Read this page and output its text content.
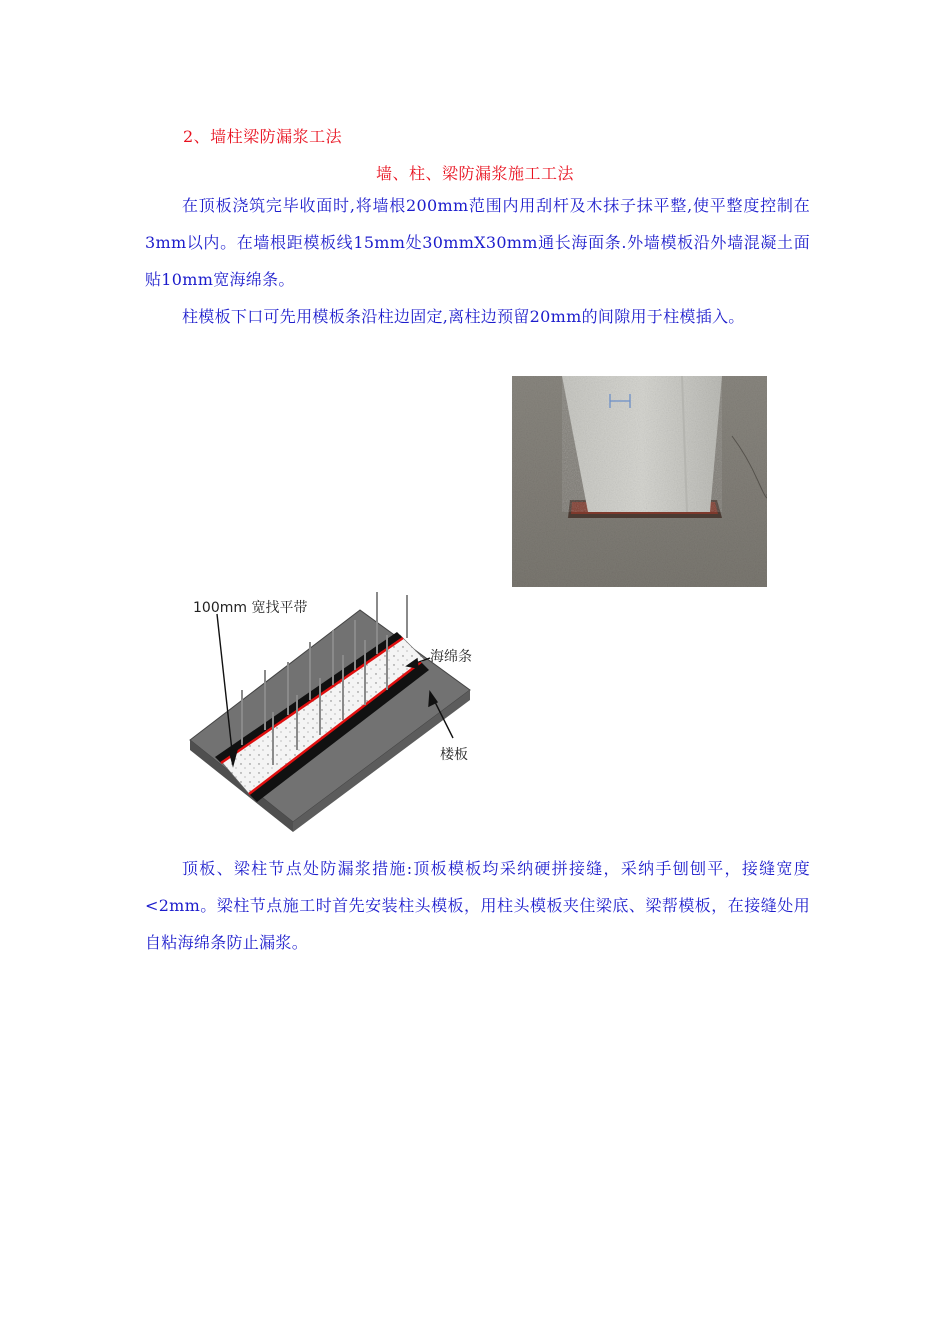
2、墙柱梁防漏浆工法
墙、柱、梁防漏浆施工工法

在顶板浇筑完毕收面时,将墙根200mm范围内用刮杆及木抹子抹平整,使平整度控制在3mm以内。在墙根距模板线15mm处30mmX30mm通长海面条.外墙模板沿外墙混凝土面贴10mm宽海绵条。

柱模板下口可先用模板条沿柱边固定,离柱边预留20mm的间隙用于柱模插入。

100mm 宽找平带
海绵条
楼板

顶板、梁柱节点处防漏浆措施:顶板模板均采纳硬拼接缝，采纳手刨刨平，接缝宽度<2mm。梁柱节点施工时首先安装柱头模板，用柱头模板夹住梁底、梁帮模板，在接缝处用自粘海绵条防止漏浆。
